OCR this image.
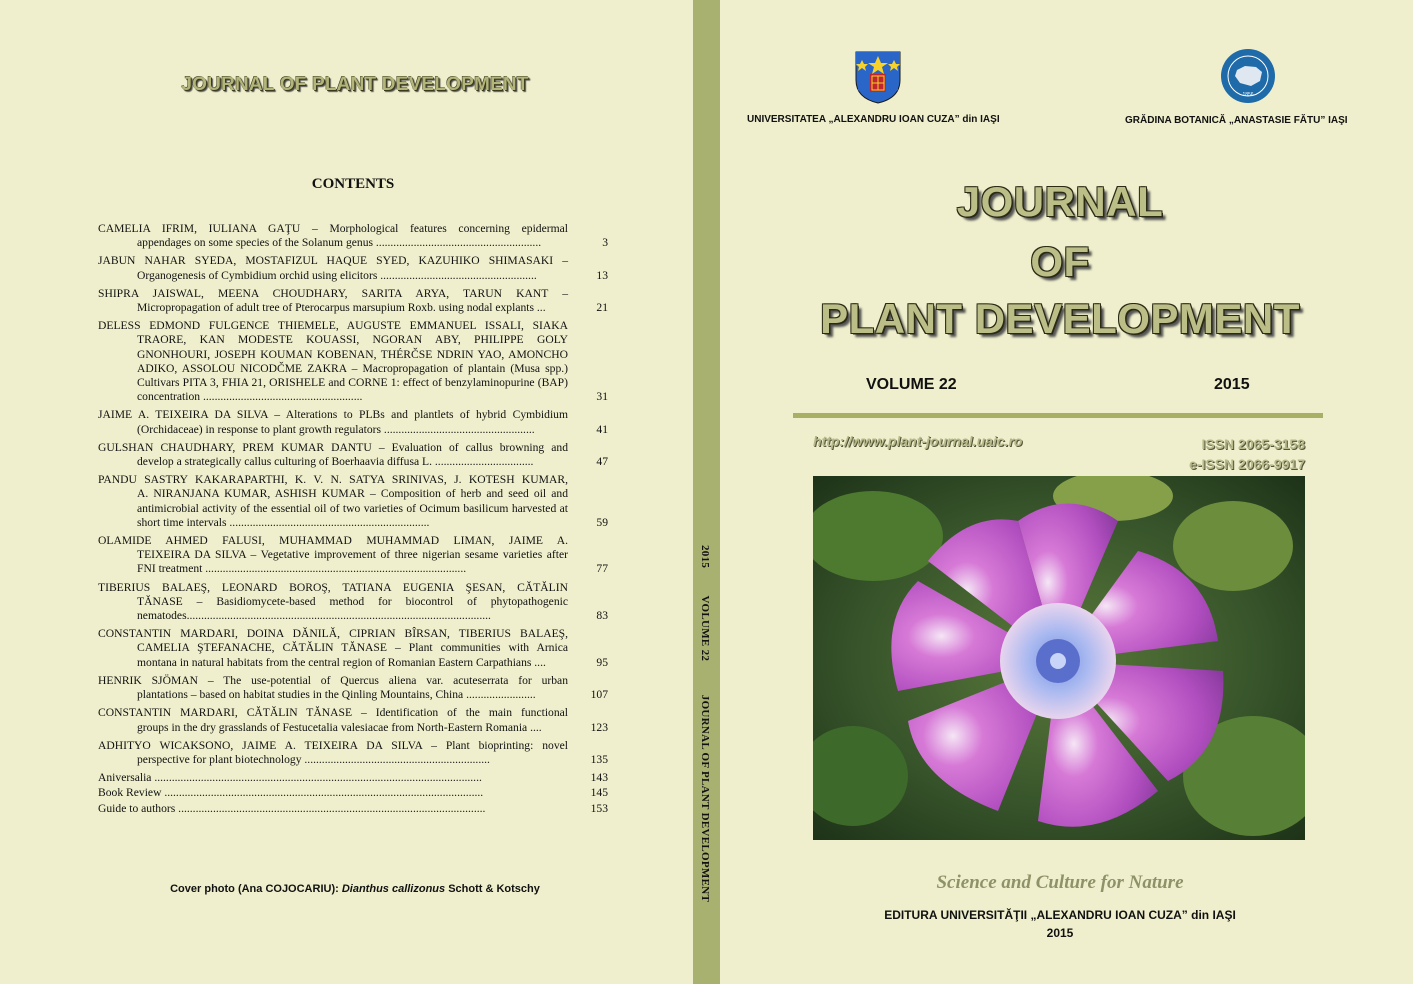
JOURNAL OF PLANT DEVELOPMENT
CONTENTS
CAMELIA IFRIM, IULIANA GAŢU – Morphological features concerning epidermal
appendages on some species of the Solanum genus .........................................................	3
JABUN NAHAR SYEDA, MOSTAFIZUL HAQUE SYED, KAZUHIKO SHIMASAKI –
Organogenesis of Cymbidium orchid using elicitors ......................................................	13
SHIPRA JAISWAL, MEENA CHOUDHARY, SARITA ARYA, TARUN KANT –
Micropropagation of adult tree of Pterocarpus marsupium Roxb. using nodal explants ...	21
DELESS EDMOND FULGENCE THIEMELE, AUGUSTE EMMANUEL ISSALI, SIAKA
TRAORE, KAN MODESTE KOUASSI, NGORAN ABY, PHILIPPE GOLY GNONHOURI, JOSEPH KOUMAN KOBENAN, THÉRČSE NDRIN YAO, AMONCHO ADIKO, ASSOLOU NICODČME ZAKRA – Macropropagation of plantain (Musa spp.) Cultivars PITA 3, FHIA 21, ORISHELE and CORNE 1: effect of benzylaminopurine (BAP) concentration .......................................................	31
JAIME A. TEIXEIRA DA SILVA – Alterations to PLBs and plantlets of hybrid Cymbidium
(Orchidaceae) in response to plant growth regulators ....................................................	41
GULSHAN CHAUDHARY, PREM KUMAR DANTU – Evaluation of callus browning and
develop a strategically callus culturing of Boerhaavia diffusa L. ..................................	47
PANDU SASTRY KAKARAPARTHI, K. V. N. SATYA SRINIVAS, J. KOTESH KUMAR,
A. NIRANJANA KUMAR, ASHISH KUMAR – Composition of herb and seed oil and antimicrobial activity of the essential oil of two varieties of Ocimum basilicum harvested at short time intervals .....................................................................	59
OLAMIDE AHMED FALUSI, MUHAMMAD MUHAMMAD LIMAN, JAIME A.
TEIXEIRA DA SILVA – Vegetative improvement of three nigerian sesame varieties after FNI treatment ..........................................................................................	77
TIBERIUS BALAEŞ, LEONARD BOROŞ, TATIANA EUGENIA ŞESAN, CĂTĂLIN
TĂNASE – Basidiomycete-based method for biocontrol of phytopathogenic nematodes.........................................................................................................	83
CONSTANTIN MARDARI, DOINA DĂNILĂ, CIPRIAN BÎRSAN, TIBERIUS BALAEŞ,
CAMELIA ŞTEFANACHE, CĂTĂLIN TĂNASE – Plant communities with Arnica montana in natural habitats from the central region of Romanian Eastern Carpathians ....	95
HENRIK SJÖMAN – The use-potential of Quercus aliena var. acuteserrata for urban
plantations – based on habitat studies in the Qinling Mountains, China ........................	107
CONSTANTIN MARDARI, CĂTĂLIN TĂNASE – Identification of the main functional
groups in the dry grasslands of Festucetalia valesiacae from North-Eastern Romania ....	123
ADHITYO WICAKSONO, JAIME A. TEIXEIRA DA SILVA – Plant bioprinting: novel
perspective for plant biotechnology ................................................................	135
Aniversalia .................................................................................................................	143
Book Review ..............................................................................................................	145
Guide to authors ..........................................................................................................	153
Cover photo (Ana COJOCARIU): Dianthus callizonus Schott & Kotschy
2015         VOLUME 22           JOURNAL OF PLANT DEVELOPMENT
1856
UNIVERSITATEA „ALEXANDRU IOAN CUZA” din IAŞI	GRĂDINA BOTANICĂ „ANASTASIE FĂTU” IAŞI
JOURNAL
OF
PLANT DEVELOPMENT
VOLUME 22	2015
http://www.plant-journal.uaic.ro	ISSN 2065-3158
e-ISSN 2066-9917
Science and Culture for Nature
EDITURA UNIVERSITĂŢII „ALEXANDRU IOAN CUZA” din IAŞI
2015
